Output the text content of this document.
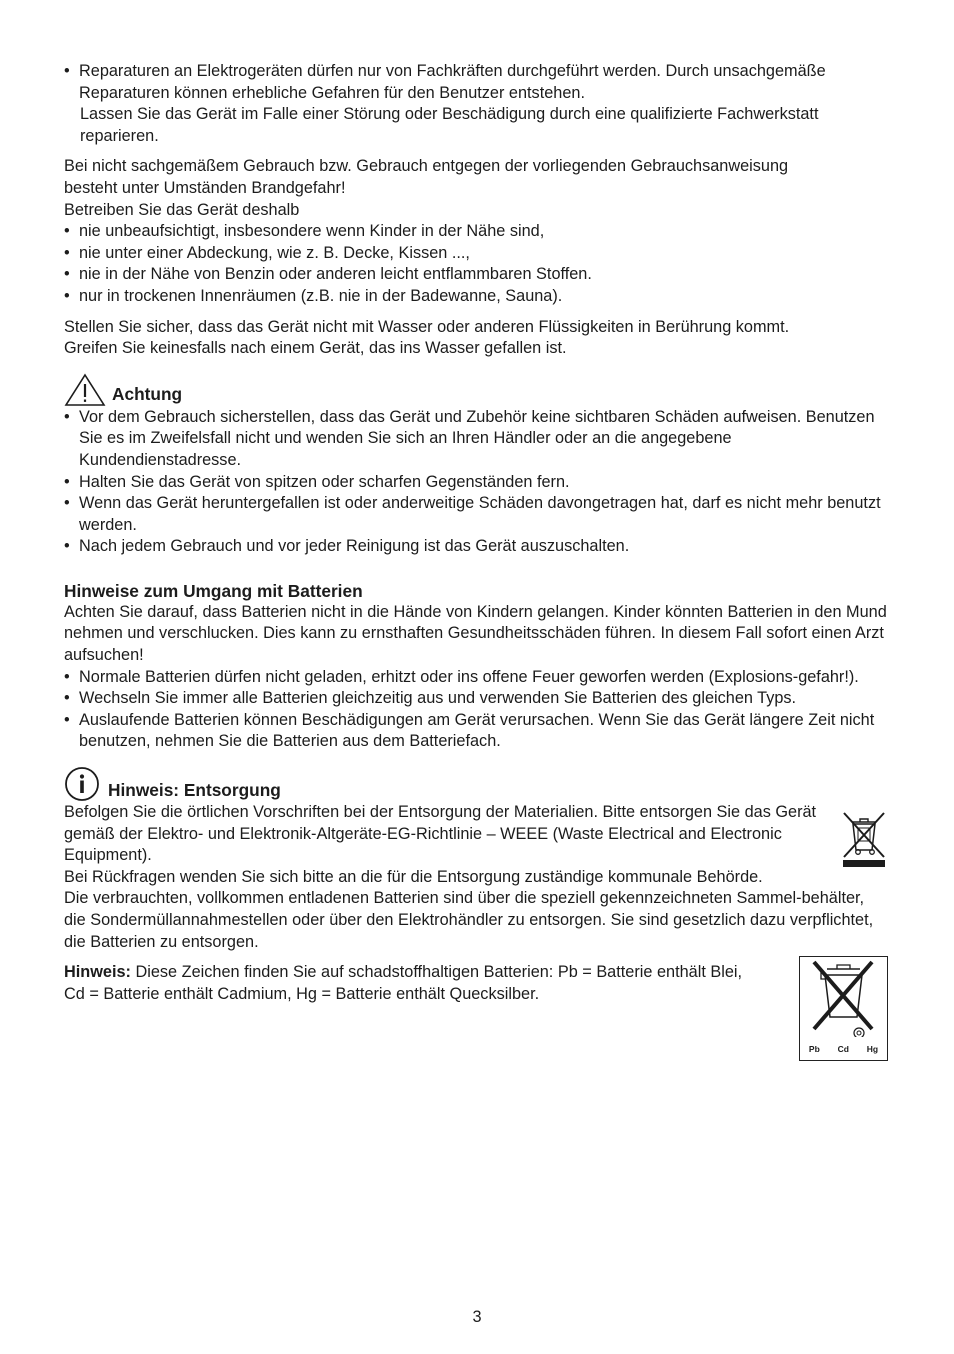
• Reparaturen an Elektrogeräten dürfen nur von Fachkräften durchgeführt werden. Durch unsachgemäße Reparaturen können erhebliche Gefahren für den Benutzer entstehen.
Lassen Sie das Gerät im Falle einer Störung oder Beschädigung durch eine qualifizierte Fachwerkstatt reparieren.

Bei nicht sachgemäßem Gebrauch bzw. Gebrauch entgegen der vorliegenden Gebrauchsanweisung

besteht unter Umständen Brandgefahr!

Betreiben Sie das Gerät deshalb

• nie unbeaufsichtigt, insbesondere wenn Kinder in der Nähe sind,
• nie unter einer Abdeckung, wie z. B. Decke, Kissen ...,
• nie in der Nähe von Benzin oder anderen leicht entflammbaren Stoffen.
• nur in trockenen Innenräumen (z.B. nie in der Badewanne, Sauna).

Stellen Sie sicher, dass das Gerät nicht mit Wasser oder anderen Flüssigkeiten in Berührung kommt.

Greifen Sie keinesfalls nach einem Gerät, das ins Wasser gefallen ist.

Achtung
• Vor dem Gebrauch sicherstellen, dass das Gerät und Zubehör keine sichtbaren Schäden aufweisen. Benutzen Sie es im Zweifelsfall nicht und wenden Sie sich an Ihren Händler oder an die angegebene Kundendienstadresse.
• Halten Sie das Gerät von spitzen oder scharfen Gegenständen fern.
• Wenn das Gerät heruntergefallen ist oder anderweitige Schäden davongetragen hat, darf es nicht mehr benutzt werden.
• Nach jedem Gebrauch und vor jeder Reinigung ist das Gerät auszuschalten.
Hinweise zum Umgang mit Batterien

Achten Sie darauf, dass Batterien nicht in die Hände von Kindern gelangen. Kinder könnten Batterien in den Mund nehmen und verschlucken. Dies kann zu ernsthaften Gesundheitsschäden führen. In diesem Fall sofort einen Arzt aufsuchen!

• Normale Batterien dürfen nicht geladen, erhitzt oder ins offene Feuer geworfen werden (Explosions-gefahr!).
• Wechseln Sie immer alle Batterien gleichzeitig aus und verwenden Sie Batterien des gleichen Typs.
• Auslaufende Batterien können Beschädigungen am Gerät verursachen. Wenn Sie das Gerät längere Zeit nicht benutzen, nehmen Sie die Batterien aus dem Batteriefach.
Hinweis: Entsorgung

Befolgen Sie die örtlichen Vorschriften bei der Entsorgung der Materialien. Bitte entsorgen Sie das Gerät gemäß der Elektro- und Elektronik-Altgeräte-EG-Richtlinie – WEEE (Waste Electrical and Electronic Equipment).

Bei Rückfragen wenden Sie sich bitte an die für die Entsorgung zuständige kommunale Behörde.

Die verbrauchten, vollkommen entladenen Batterien sind über die speziell gekennzeichneten Sammel-behälter, die Sondermüllannahmestellen oder über den Elektrohändler zu entsorgen. Sie sind gesetzlich dazu verpflichtet, die Batterien zu entsorgen.

Hinweis: Diese Zeichen finden Sie auf schadstoffhaltigen Batterien: Pb = Batterie enthält Blei, Cd = Batterie enthält Cadmium, Hg = Batterie enthält Quecksilber.

Pb Cd Hg
3
